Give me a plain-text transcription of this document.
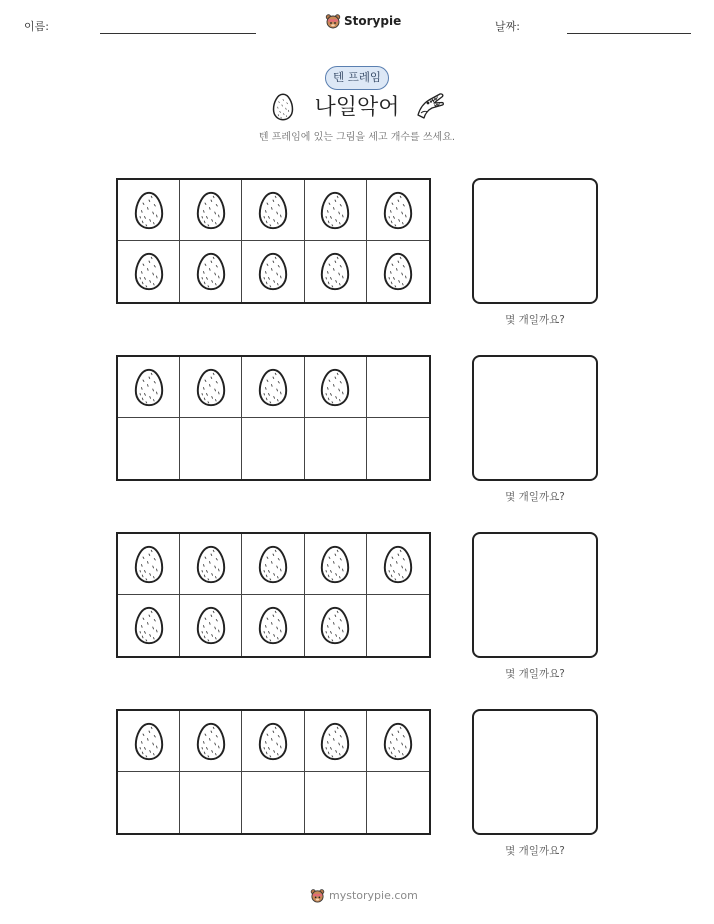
이름:	Storypie	날짜:
텐 프레임
나일악어
텐 프레임에 있는 그림을 세고 개수를 쓰세요.
몇 개일까요?
몇 개일까요?
몇 개일까요?
몇 개일까요?
mystorypie.com
